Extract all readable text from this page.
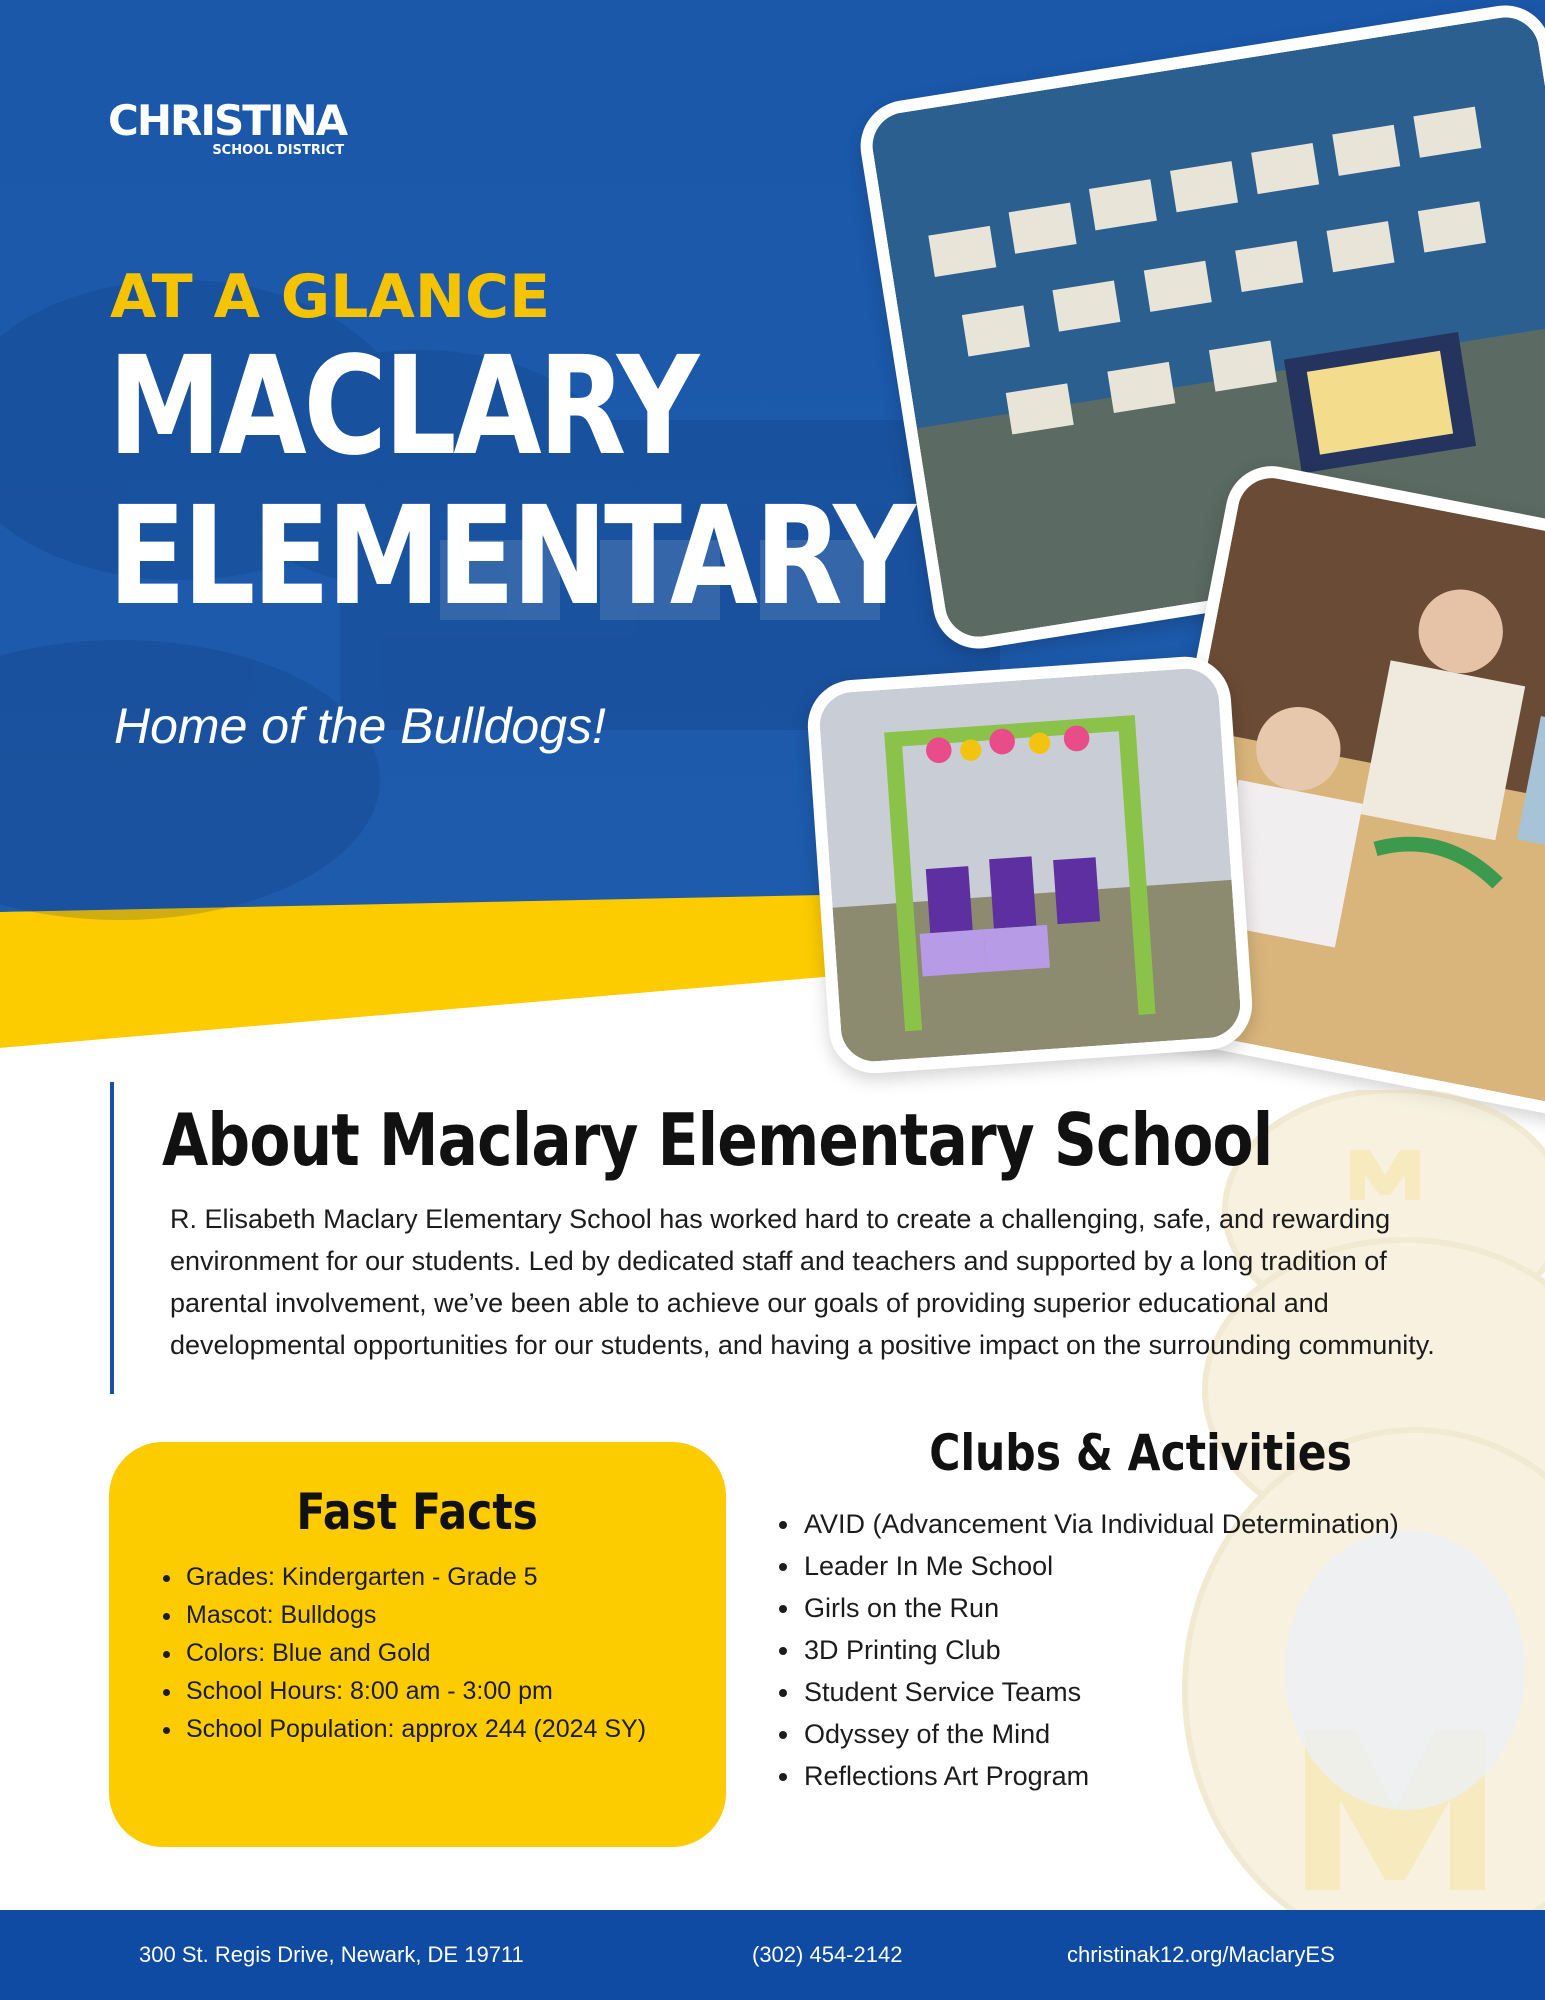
CHRISTINA
SCHOOL DISTRICT
AT A GLANCE
MACLARY
ELEMENTARY
Home of the Bulldogs!
About Maclary Elementary School
R. Elisabeth Maclary Elementary School has worked hard to create a challenging, safe, and rewarding environment for our students. Led by dedicated staff and teachers and supported by a long tradition of parental involvement, we’ve been able to achieve our goals of providing superior educational and developmental opportunities for our students, and having a positive impact on the surrounding community.
Fast Facts
• Grades: Kindergarten - Grade 5
• Mascot: Bulldogs
• Colors: Blue and Gold
• School Hours: 8:00 am - 3:00 pm
• School Population: approx 244 (2024 SY)
Clubs & Activities
• AVID (Advancement Via Individual Determination)
• Leader In Me School
• Girls on the Run
• 3D Printing Club
• Student Service Teams
• Odyssey of the Mind
• Reflections Art Program
300 St. Regis Drive, Newark, DE 19711	(302) 454-2142	christinak12.org/MaclaryES
